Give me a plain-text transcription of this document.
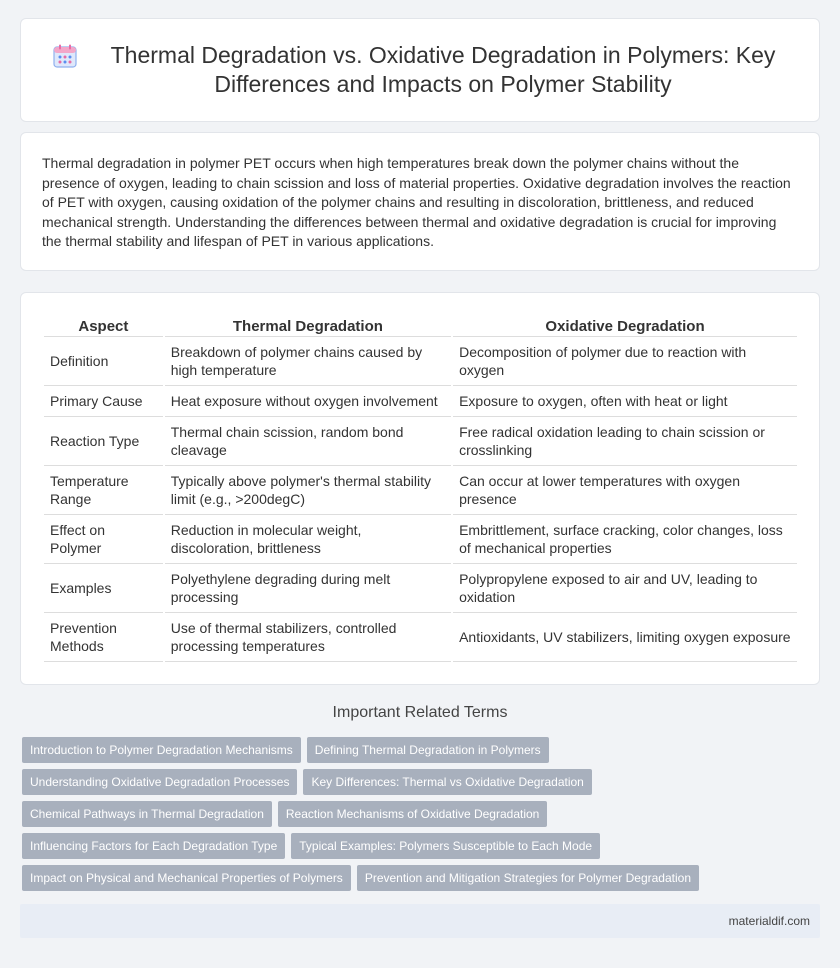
Thermal Degradation vs. Oxidative Degradation in Polymers: Key Differences and Impacts on Polymer Stability

Thermal degradation in polymer PET occurs when high temperatures break down the polymer chains without the presence of oxygen, leading to chain scission and loss of material properties. Oxidative degradation involves the reaction of PET with oxygen, causing oxidation of the polymer chains and resulting in discoloration, brittleness, and reduced mechanical strength. Understanding the differences between thermal and oxidative degradation is crucial for improving the thermal stability and lifespan of PET in various applications.

Aspect	Thermal Degradation	Oxidative Degradation
Definition	Breakdown of polymer chains caused by high temperature	Decomposition of polymer due to reaction with oxygen
Primary Cause	Heat exposure without oxygen involvement	Exposure to oxygen, often with heat or light
Reaction Type	Thermal chain scission, random bond cleavage	Free radical oxidation leading to chain scission or crosslinking
Temperature Range	Typically above polymer's thermal stability limit (e.g., >200degC)	Can occur at lower temperatures with oxygen presence
Effect on Polymer	Reduction in molecular weight, discoloration, brittleness	Embrittlement, surface cracking, color changes, loss of mechanical properties
Examples	Polyethylene degrading during melt processing	Polypropylene exposed to air and UV, leading to oxidation
Prevention Methods	Use of thermal stabilizers, controlled processing temperatures	Antioxidants, UV stabilizers, limiting oxygen exposure
Important Related Terms
Introduction to Polymer Degradation Mechanisms	Defining Thermal Degradation in Polymers
Understanding Oxidative Degradation Processes	Key Differences: Thermal vs Oxidative Degradation
Chemical Pathways in Thermal Degradation	Reaction Mechanisms of Oxidative Degradation
Influencing Factors for Each Degradation Type	Typical Examples: Polymers Susceptible to Each Mode
Impact on Physical and Mechanical Properties of Polymers	Prevention and Mitigation Strategies for Polymer Degradation
materialdif.com
